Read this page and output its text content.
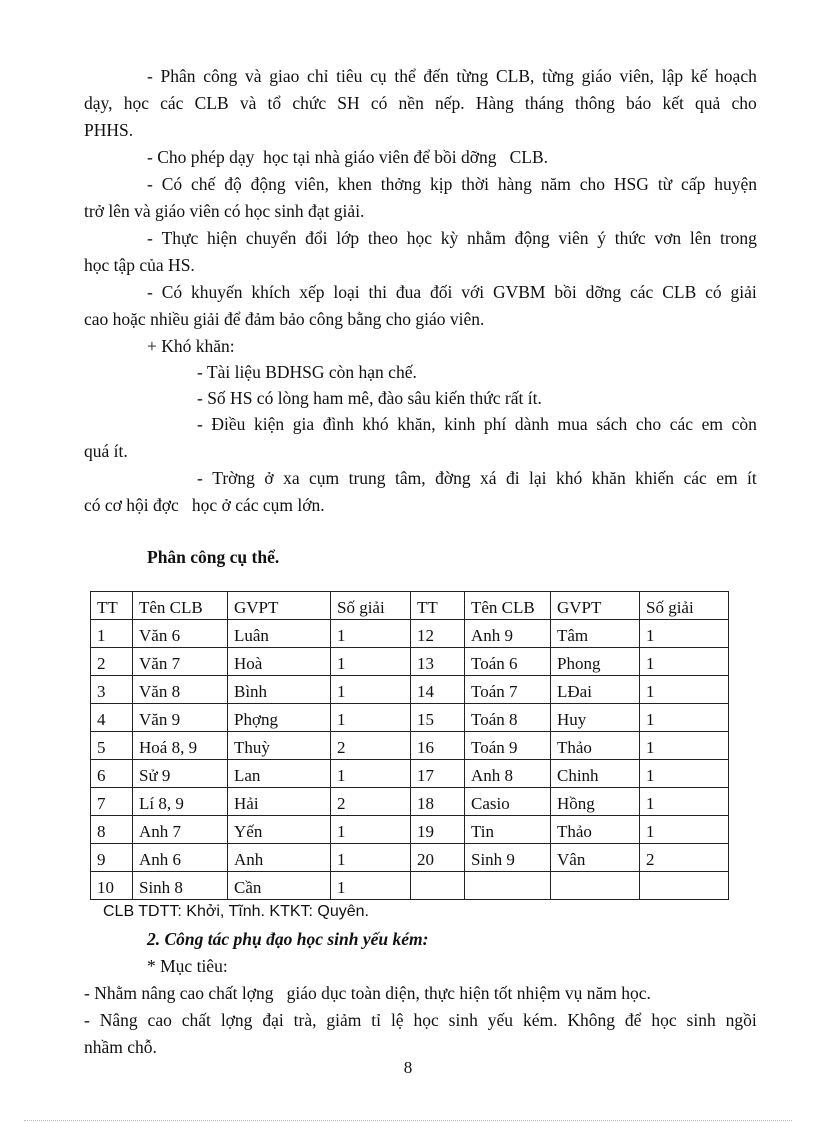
- Phân công và giao chỉ tiêu cụ thể đến từng CLB, từng giáo viên, lập kế hoạch
dạy, học các CLB và tổ chức SH có nền nếp. Hàng tháng thông báo kết quả cho
PHHS.
- Cho phép dạy  học tại nhà giáo viên để bồi dỡng   CLB.
- Có chế độ động viên, khen thởng kịp thời hàng năm cho HSG từ cấp huyện
trở lên và giáo viên có học sinh đạt giải.
- Thực hiện chuyển đổi lớp theo học kỳ nhằm động viên ý thức vơn lên trong
học tập của HS.
- Có khuyến khích xếp loại thi đua đối với GVBM bồi dỡng các CLB có giải
cao hoặc nhiều giải để đảm bảo công bằng cho giáo viên.
+ Khó khăn:
- Tài liệu BDHSG còn hạn chế.
- Số HS có lòng ham mê, đào sâu kiến thức rất ít.
- Điều kiện gia đình khó khăn, kinh phí dành mua sách cho các em còn
quá ít.
- Trờng ở xa cụm trung tâm, đờng xá đi lại khó khăn khiến các em ít
có cơ hội đợc   học ở các cụm lớn.
Phân công cụ thể.
TT	Tên CLB	GVPT	Số giải	TT	Tên CLB	GVPT	Số giải
1	Văn 6	Luân	1	12	Anh 9	Tâm	1
2	Văn 7	Hoà	1	13	Toán 6	Phong	1
3	Văn 8	Bình	1	14	Toán 7	LĐai	1
4	Văn 9	Phợng	1	15	Toán 8	Huy	1
5	Hoá 8, 9	Thuỳ	2	16	Toán 9	Thảo	1
6	Sử 9	Lan	1	17	Anh 8	Chinh	1
7	Lí 8, 9	Hải	2	18	Casio	Hồng	1
8	Anh 7	Yến	1	19	Tin	Thảo	1
9	Anh 6	Anh	1	20	Sinh 9	Vân	2
10	Sinh 8	Cần	1				
CLB TDTT: Khởi, Tĩnh. KTKT: Quyên.
2. Công tác phụ đạo học sinh yếu kém:
* Mục tiêu:
- Nhằm nâng cao chất lợng   giáo dục toàn diện, thực hiện tốt nhiệm vụ năm học.
- Nâng cao chất lợng đại trà, giảm tỉ lệ học sinh yếu kém. Không để học sinh ngồi
nhầm chỗ.
8
